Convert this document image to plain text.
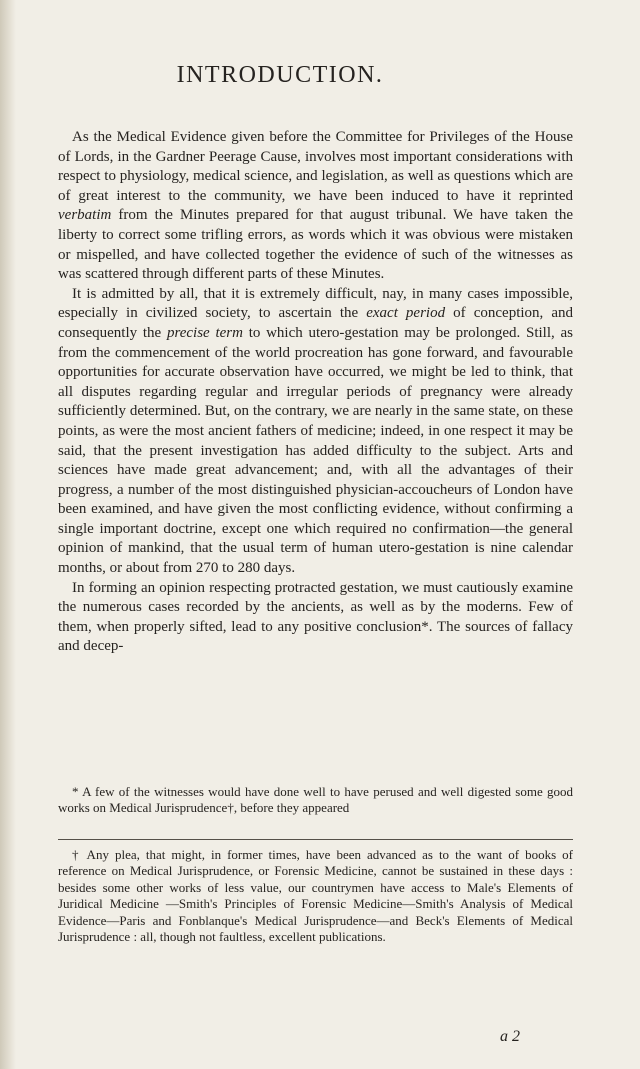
INTRODUCTION.

As the Medical Evidence given before the Committee for Privileges of the House of Lords, in the Gardner Peerage Cause, involves most important considerations with respect to physiology, medical science, and legislation, as well as questions which are of great interest to the community, we have been induced to have it reprinted verbatim from the Minutes prepared for that august tribunal. We have taken the liberty to correct some trifling errors, as words which it was obvious were mistaken or mispelled, and have collected together the evidence of such of the witnesses as was scattered through different parts of these Minutes.

It is admitted by all, that it is extremely difficult, nay, in many cases impossible, especially in civilized society, to ascertain the exact period of conception, and consequently the precise term to which utero-gestation may be prolonged. Still, as from the commencement of the world procreation has gone forward, and favourable opportunities for accurate observation have occurred, we might be led to think, that all disputes regarding regular and irregular periods of pregnancy were already sufficiently determined. But, on the contrary, we are nearly in the same state, on these points, as were the most ancient fathers of medicine; indeed, in one respect it may be said, that the present investigation has added difficulty to the subject. Arts and sciences have made great advancement; and, with all the advantages of their progress, a number of the most distinguished physician-accoucheurs of London have been examined, and have given the most conflicting evidence, without confirming a single important doctrine, except one which required no confirmation—the general opinion of mankind, that the usual term of human utero-gestation is nine calendar months, or about from 270 to 280 days.

In forming an opinion respecting protracted gestation, we must cautiously examine the numerous cases recorded by the ancients, as well as by the moderns. Few of them, when properly sifted, lead to any positive conclusion*. The sources of fallacy and decep-

* A few of the witnesses would have done well to have perused and well digested some good works on Medical Jurisprudence†, before they appeared

† Any plea, that might, in former times, have been advanced as to the want of books of reference on Medical Jurisprudence, or Forensic Medicine, cannot be sustained in these days : besides some other works of less value, our countrymen have access to Male's Elements of Juridical Medicine —Smith's Principles of Forensic Medicine—Smith's Analysis of Medical Evidence—Paris and Fonblanque's Medical Jurisprudence—and Beck's Elements of Medical Jurisprudence : all, though not faultless, excellent publications.

a 2
